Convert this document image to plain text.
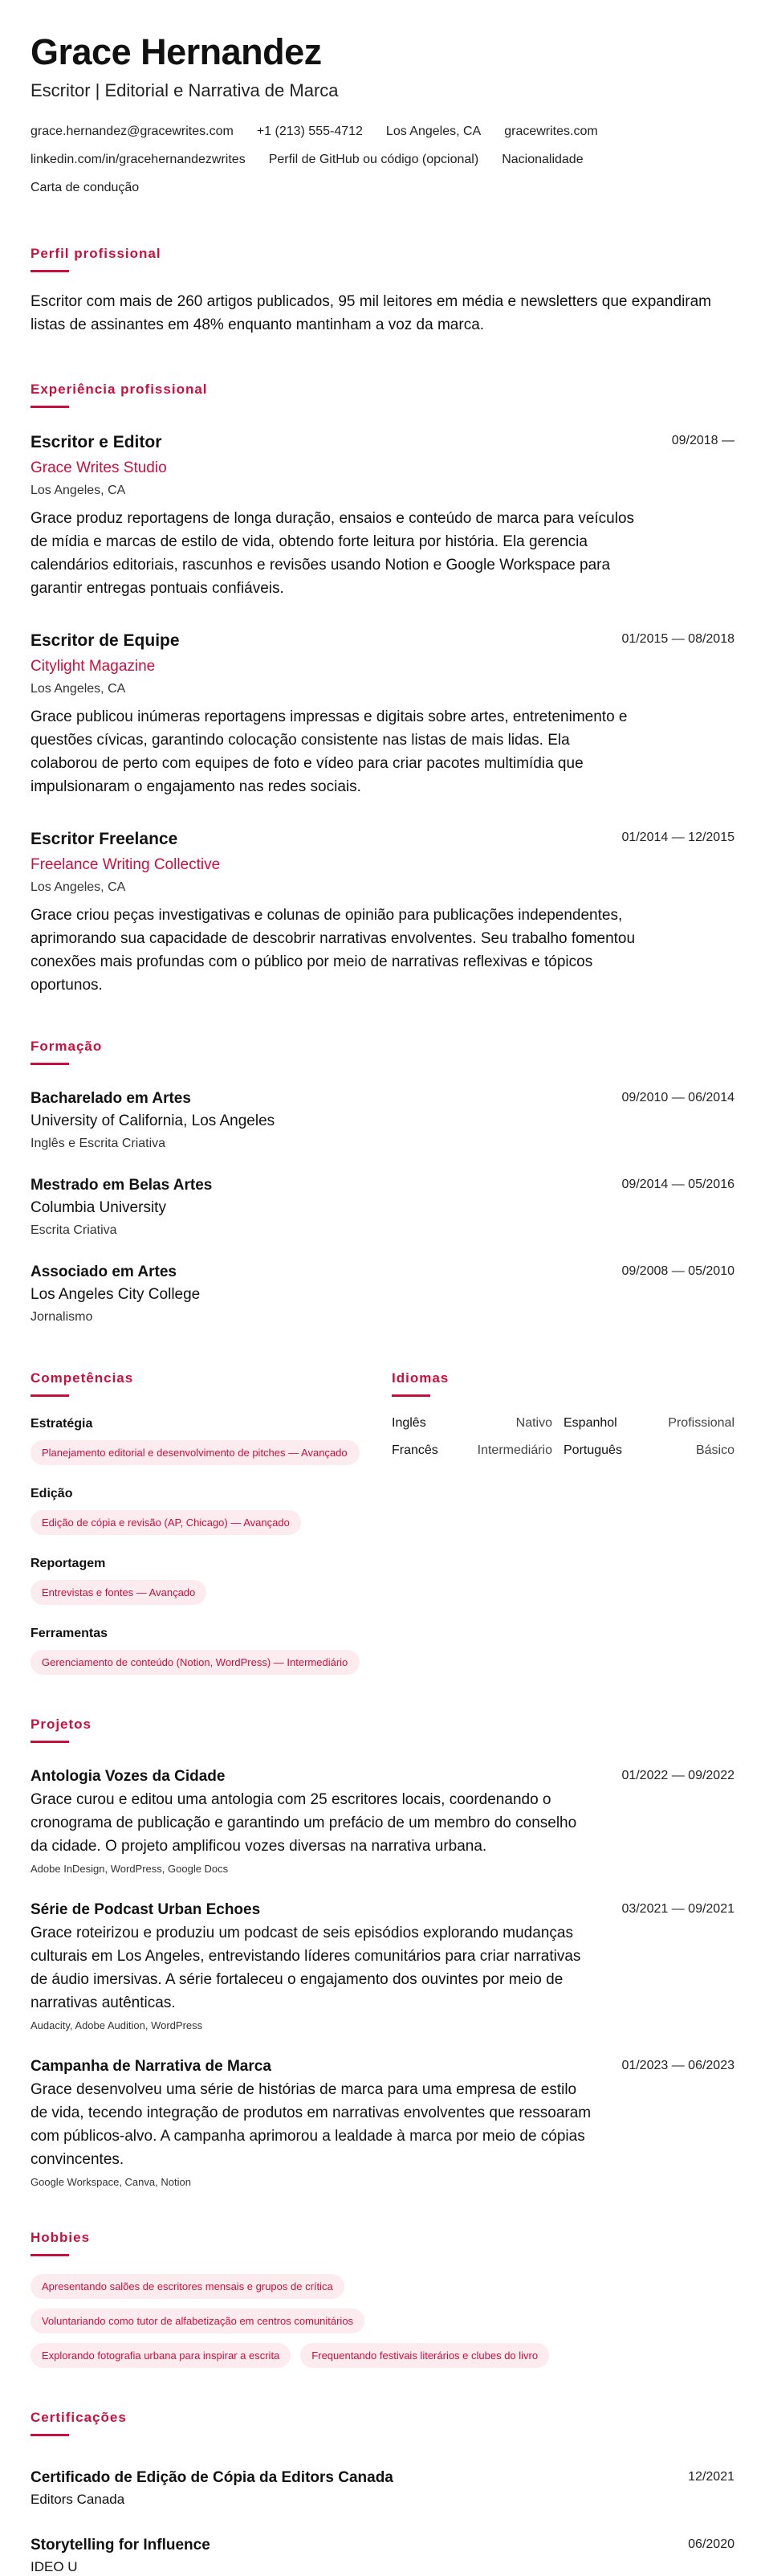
Grace Hernandez
Escritor | Editorial e Narrativa de Marca
grace.hernandez@gracewrites.com +1 (213) 555-4712 Los Angeles, CA gracewrites.com
linkedin.com/in/gracehernandezwrites Perfil de GitHub ou código (opcional) Nacionalidade
Carta de condução
Perfil profissional
Escritor com mais de 260 artigos publicados, 95 mil leitores em média e newsletters que expandiram listas de assinantes em 48% enquanto mantinham a voz da marca.
Experiência profissional
Escritor e Editor	09/2018 —
Grace Writes Studio
Los Angeles, CA
Grace produz reportagens de longa duração, ensaios e conteúdo de marca para veículos de mídia e marcas de estilo de vida, obtendo forte leitura por história. Ela gerencia calendários editoriais, rascunhos e revisões usando Notion e Google Workspace para garantir entregas pontuais confiáveis.
Escritor de Equipe	01/2015 — 08/2018
Citylight Magazine
Los Angeles, CA
Grace publicou inúmeras reportagens impressas e digitais sobre artes, entretenimento e questões cívicas, garantindo colocação consistente nas listas de mais lidas. Ela colaborou de perto com equipes de foto e vídeo para criar pacotes multimídia que impulsionaram o engajamento nas redes sociais.
Escritor Freelance	01/2014 — 12/2015
Freelance Writing Collective
Los Angeles, CA
Grace criou peças investigativas e colunas de opinião para publicações independentes, aprimorando sua capacidade de descobrir narrativas envolventes. Seu trabalho fomentou conexões mais profundas com o público por meio de narrativas reflexivas e tópicos oportunos.
Formação
Bacharelado em Artes	09/2010 — 06/2014
University of California, Los Angeles
Inglês e Escrita Criativa
Mestrado em Belas Artes	09/2014 — 05/2016
Columbia University
Escrita Criativa
Associado em Artes	09/2008 — 05/2010
Los Angeles City College
Jornalismo
Competências
Estratégia
Planejamento editorial e desenvolvimento de pitches — Avançado
Edição
Edição de cópia e revisão (AP, Chicago) — Avançado
Reportagem
Entrevistas e fontes — Avançado
Ferramentas
Gerenciamento de conteúdo (Notion, WordPress) — Intermediário
Idiomas
Inglês	Nativo Espanhol	Profissional
Francês	Intermediário Português	Básico
Projetos
Antologia Vozes da Cidade	01/2022 — 09/2022
Grace curou e editou uma antologia com 25 escritores locais, coordenando o cronograma de publicação e garantindo um prefácio de um membro do conselho da cidade. O projeto amplificou vozes diversas na narrativa urbana.
Adobe InDesign, WordPress, Google Docs
Série de Podcast Urban Echoes	03/2021 — 09/2021
Grace roteirizou e produziu um podcast de seis episódios explorando mudanças culturais em Los Angeles, entrevistando líderes comunitários para criar narrativas de áudio imersivas. A série fortaleceu o engajamento dos ouvintes por meio de narrativas autênticas.
Audacity, Adobe Audition, WordPress
Campanha de Narrativa de Marca	01/2023 — 06/2023
Grace desenvolveu uma série de histórias de marca para uma empresa de estilo de vida, tecendo integração de produtos em narrativas envolventes que ressoaram com públicos-alvo. A campanha aprimorou a lealdade à marca por meio de cópias convincentes.
Google Workspace, Canva, Notion
Hobbies
Apresentando salões de escritores mensais e grupos de crítica
Voluntariando como tutor de alfabetização em centros comunitários
Explorando fotografia urbana para inspirar a escrita	Frequentando festivais literários e clubes do livro
Certificações
Certificado de Edição de Cópia da Editors Canada	12/2021
Editors Canada
Storytelling for Influence	06/2020
IDEO U
